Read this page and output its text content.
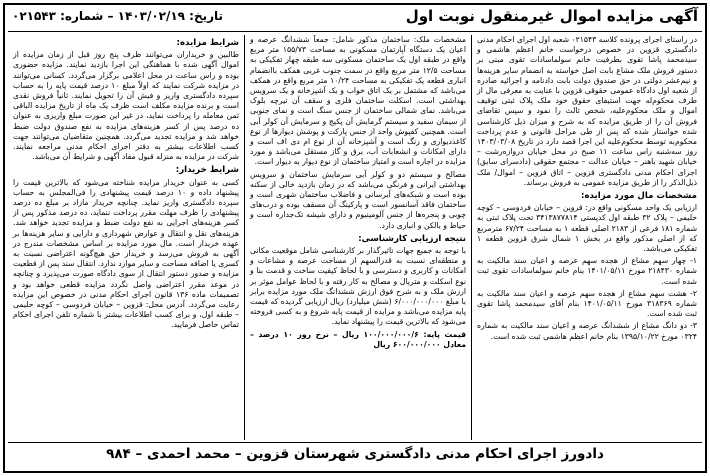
آگهی مزایده اموال غیرمنقول نوبت اول
تاریخ: ۱۴۰۳/۰۲/۱۹ – شماره: ۰۲۱۵۴۳

در راستای اجرای پرونده کلاسه ۰۲۱۵۴۳ شعبه اول اجرای احکام مدنی دادگستری قزوین در خصوص درخواست خانم اعظم هاشمی و سیدمحمد پاشا تقوی بطرفیت خانم سولماسادات تقوی مبنی بر دستور فروش ملک مشاع بابت اصل خواسته به انضمام سایر هزینه‌ها و نیم‌عشر دولتی در حق صندوق دولت بابت دادنامه و اجرائیه صادره از شعبه اول دادگاه عمومی حقوقی قزوین با عنایت به معرفی مال از طرف محکوم‌له جهت استیفای حقوق خود ملک پلاک ثبتی توقیف اموال و ملک محکوم‌علیه، شخص ثالث را نمود و سپس تقاضای فروش آن را از طریق مزایده که به شرح و میزان ذیل کارشناسی شده خواستار شده که پس از طی مراحل قانونی و عدم پرداخت محکوم‌به توسط محکوم‌علیه این اجرا قصد دارد در تاریخ ۱۴۰۳/۰۳/۰۸ روز سه‌شنبه راس ساعت ۱۱ صبح در محل خیابان دروازه‌رشت – خیابان شهید باهنر – خیابان عدالت – مجتمع حقوقی (دادسرای سابق) اجرای احکام مدنی دادگستری قزوین – اتاق قزوین – اموال/ ملک ذیل‌الذکر را از طریق مزایده عمومی به فروش برساند.

مشخصات مال مورد مزایده:

ارزیابی یک واحد مسکونی واقع در: قزوین – خیابان فردوسی – کوچه حلیمی – پلاک ۳۲ طبقه اول کدپستی ۳۴۱۳۸۷۷۸۱۴ تحت پلاک ثبتی به شماره ۱۸۱ فرعی از ۲۱۸۳ اصلی قطعه ۱ به مساحت ۶۷/۲۴ مترمربع که از اصلی مذکور واقع در بخش ۱ شمال شرق قزوین قطعه ۱ تفکیکی می‌باشد.

۱- چهار سهم مشاع از هجده سهم عرصه و اعیان سند مالکیت به شماره ۲۱۸۴۳۰ مورخ ۱۴۰۱/۰۵/۱۱ بنام خانم سولماسادات تقوی ثبت شده است.

۲- هشت سهم مشاع از هجده سهم عرصه و اعیان سند مالکیت به شماره ۳۱۸۳۶۹ مورخ ۱۴۰۱/۰۵/۱۱ بنام آقای سیدمحمد پاشا تقوی ثبت شده است.

۳- دو دانگ مشاع از ششدانگ عرصه و اعیان سند مالکیت به شماره ۰۳۲۴ مورخ ۱۳۹۵/۱۰/۲۲ بنام خانم اعظم هاشمی ثبت شده است.

مشخصات ملک: ساختمان مذکور شامل: جمعاً ششدانگ عرصه و اعیان یک دستگاه آپارتمان مسکونی به مساحت ۱۵۵/۷۳ متر مربع واقع در طبقه اول یک ساختمان مسکونی سه طبقه چهار تفکیکی به مساحت ۱۲/۵ متر مربع واقع در سمت جنوب غربی همکف باانضمام انباری قطعه یک تفکیکی به مساحت ۱۰/۲۴ متر مربع واقع در همکف می‌باشد که مشتمل بر یک اتاق خواب و یک آشپزخانه و یک سرویس بهداشتی است. اسکلت ساختمان فلزی و سقف آن تیرچه بلوک می‌باشد. نمای شمالی ساختمان از جنس سنگ است و نمای جنوبی از سیمان سفید و سیستم گرمایش آن پکیج و سرمایش آن کولر آبی است. همچنین کفپوش واحد از جنس پارکت و پوشش دیوارها از نوع کاغذدیواری و رنگ است و آشپزخانه آن از نوع ام دی اف است و دارای امکانات و انشعابات آب، برق و گاز مستقل می‌باشد و مورد مزایده در اجاره است و امتیاز ساختمان از نوع دیوار به دیوار است.

مصالح و سیستم دو و کولر آبی سرمایش ساختمان و سرویس بهداشتی ایرانی و فرنگی می‌باشد که در زمان بازدید خالی از سکنه بوده است و شبکه‌های آبرسانی و فاضلاب ساختمان شهری است و ساختمان فاقد آسانسور است و پارکینگ آن مسقف بوده و درب‌های چوبی و پنجره‌ها از جنس آلومینیوم و دارای شیشه تک‌جداره است و حیاط و بالکن و انباری دارد.

نتیجه ارزیابی کارشناسی:

با توجه به جمیع جهات تاثیرگذار بر کارشناسی شامل موقعیت مکانی و منطقه‌ای نسبت به قدرالسهم از مساحت عرصه و مشاعات و امکانات و کاربری و دسترسی و با لحاظ کیفیت ساخت و قدمت بنا و نوع اسکلت و متریال و مصالح به کار رفته و با لحاظ عوامل موثر بر ارزش ملک و به شرح فوق ارزش ششدانگ ملک مورد مزایده برابر با مبلغ ۶/۰۰۰/۰۰۰/۰۰۰ (شش میلیارد) ریال ارزیابی گردیده که قیمت پایه مزایده می‌باشد و مزایده از قیمت پایه شروع و به کسی فروخته می‌شود که بالاترین قیمت را پیشنهاد نماید.

قیمت پایه: ۱۰۰/۰۰۰/۰۰۰/۶ ریال – نرخ روز ۱۰ درصد – معادل ۶۰۰/۰۰۰/۰۰۰ ریال

شرایط مزایده:

طالبین و خریداران می‌توانند ظرف پنج روز قبل از زمان مزایده از اموال آگهی شده با هماهنگی این اجرا بازدید نمایند. مزایده حضوری بوده و راس ساعت در محل اعلامی برگزار می‌گردد. کسانی می‌توانند در مزایده شرکت نمایند که اولاً مبلغ ۱۰ درصد قیمت پایه را به حساب سپرده دادگستری واریز و فیش آن را تحویل نمایند. ثانیاً فروش نقدی است و برنده مزایده مکلف است ظرف یک ماه از تاریخ مزایده الباقی ثمن معامله را پرداخت نماید، در غیر این صورت مبلغ واریزی به عنوان ده درصد پس از کسر هزینه‌های مزایده به نفع صندوق دولت ضبط خواهد شد و مزایده تجدید می‌گردد. همچنین متقاضیان می‌توانند جهت کسب اطلاعات بیشتر به دفتر اجرای احکام مدنی مراجعه نمایند. شرکت در مزایده به منزله قبول مفاد آگهی و شرایط آن می‌باشد.

شرایط خریدار:

کسی به عنوان خریدار مزایده شناخته می‌شود که بالاترین قیمت را پیشنهاد داده و ۱۰ درصد قیمت پیشنهادی را فی‌المجلس به حساب سپرده دادگستری واریز نماید. چنانچه خریدار مازاد بر مبلغ ده درصد پیشنهادی را ظرف مهلت مقرر پرداخت ننماید، ده درصد مذکور پس از کسر هزینه‌های اجرایی به نفع دولت ضبط و مزایده تجدید خواهد شد. هزینه‌های نقل و انتقال و عوارض شهرداری و دارایی و سایر هزینه‌ها بر عهده خریدار است. مال مورد مزایده بر اساس مشخصات مندرج در آگهی به فروش می‌رسد و خریدار حق هیچ‌گونه اعتراضی نسبت به کسری یا اضافه مساحت و سایر موارد ندارد. انتقال سند پس از قطعیت مزایده و صدور دستور انتقال از سوی دادگاه صورت می‌پذیرد و چنانچه در موعد مقرر اعتراضی واصل نگردد مزایده قطعی خواهد بود و تصمیمات ماده ۱۳۶ قانون اجرای احکام مدنی در خصوص این مزایده رعایت می‌گردد. آدرس محل: قزوین – خیابان فردوسی – کوچه حلیمی – طبقه اول، و برای کسب اطلاعات بیشتر با شماره تلفن اجرای احکام تماس حاصل فرمایید.

دادورز اجرای احکام مدنی دادگستری شهرستان قزوین – محمد احمدی – ۹۸۴
